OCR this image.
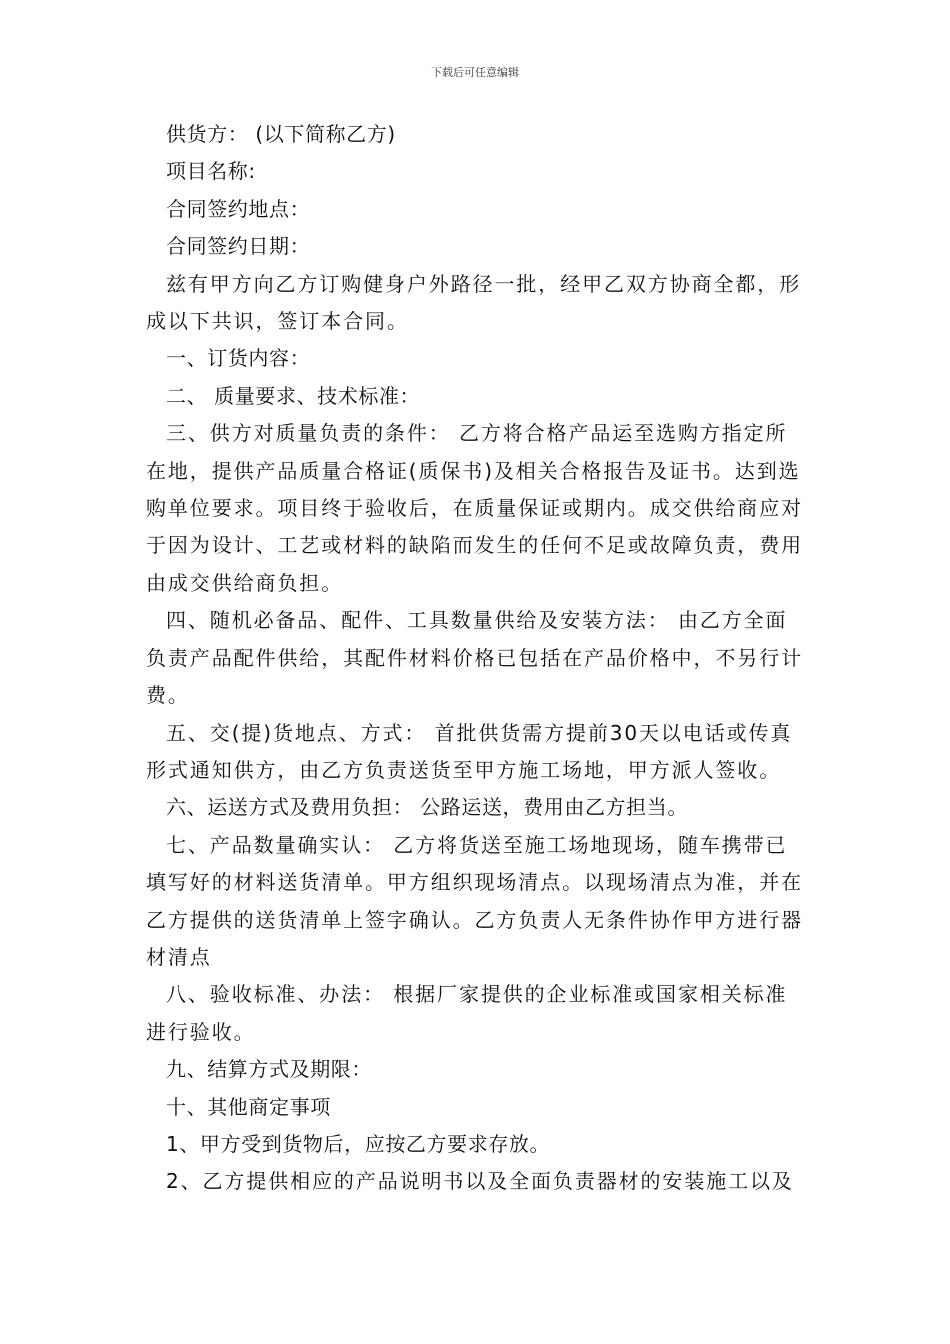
下载后可任意编辑

供货方： (以下简称乙方)

项目名称:

合同签约地点：

合同签约日期：

兹有甲方向乙方订购健身户外路径一批，经甲乙双方协商全都，形成以下共识，签订本合同。

一、订货内容：

二、 质量要求、技术标准：

三、供方对质量负责的条件： 乙方将合格产品运至选购方指定所在地，提供产品质量合格证(质保书)及相关合格报告及证书。达到选购单位要求。项目终于验收后，在质量保证或期内。成交供给商应对于因为设计、工艺或材料的缺陷而发生的任何不足或故障负责，费用由成交供给商负担。

四、随机必备品、配件、工具数量供给及安装方法： 由乙方全面负责产品配件供给，其配件材料价格已包括在产品价格中，不另行计费。

五、交(提)货地点、方式： 首批供货需方提前30天以电话或传真形式通知供方，由乙方负责送货至甲方施工场地，甲方派人签收。

六、运送方式及费用负担： 公路运送，费用由乙方担当。

七、产品数量确实认： 乙方将货送至施工场地现场，随车携带已填写好的材料送货清单。甲方组织现场清点。以现场清点为准，并在乙方提供的送货清单上签字确认。乙方负责人无条件协作甲方进行器材清点

八、验收标准、办法： 根据厂家提供的企业标准或国家相关标准进行验收。

九、结算方式及期限：

十、其他商定事项

1、甲方受到货物后，应按乙方要求存放。

2、乙方提供相应的产品说明书以及全面负责器材的安装施工以及
